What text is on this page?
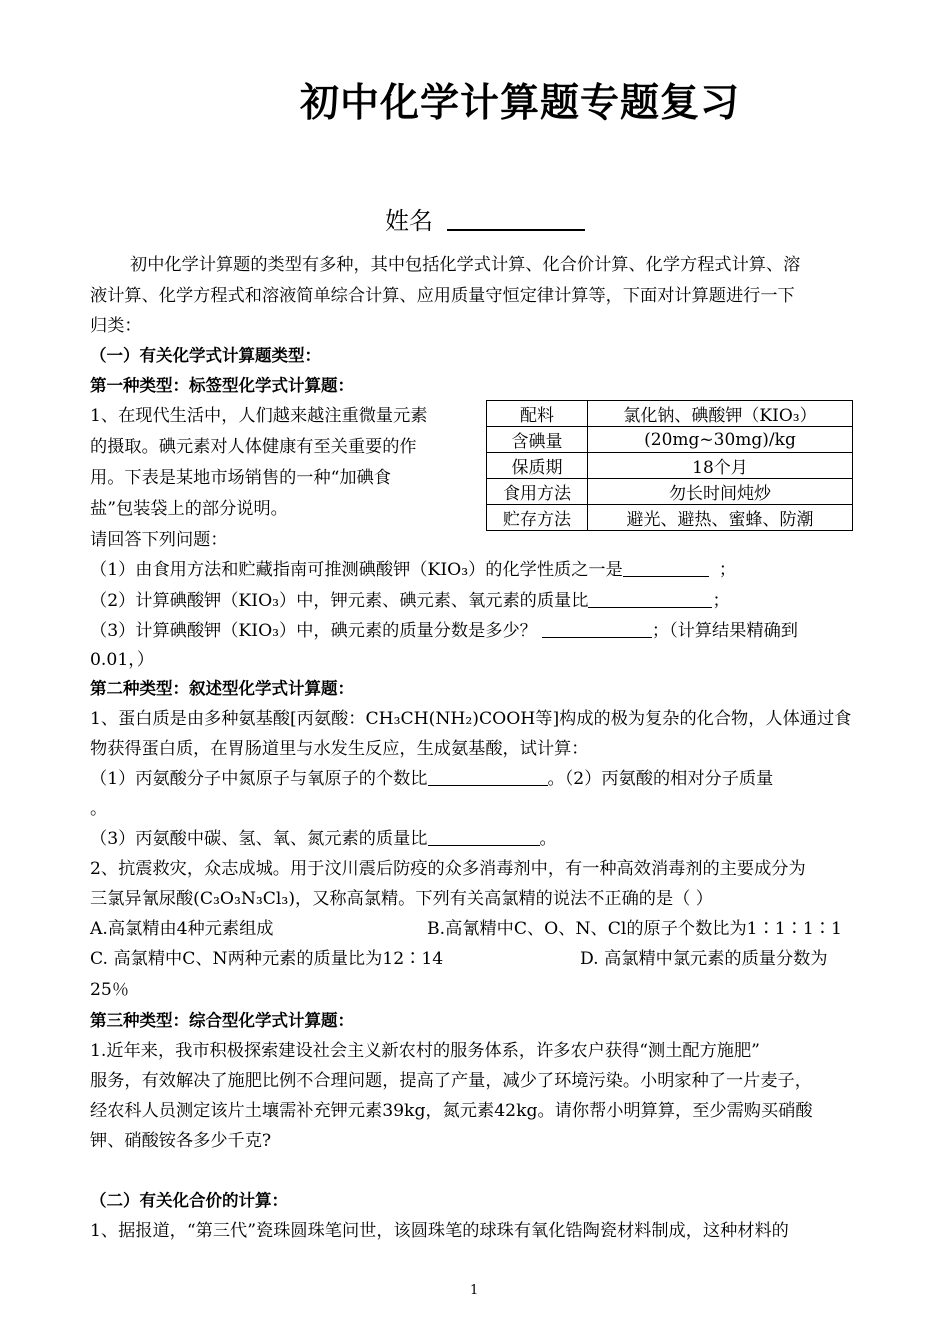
初中化学计算题专题复习
姓名
初中化学计算题的类型有多种，其中包括化学式计算、化合价计算、化学方程式计算、溶
液计算、化学方程式和溶液简单综合计算、应用质量守恒定律计算等，下面对计算题进行一下
归类：
（一）有关化学式计算题类型：
第一种类型：标签型化学式计算题：
1、在现代生活中，人们越来越注重微量元素
的摄取。碘元素对人体健康有至关重要的作
用。下表是某地市场销售的一种“加碘食
盐”包装袋上的部分说明。
配料	氯化钠、碘酸钾（KIO₃）
含碘量	(20mg~30mg)/kg
保质期	18个月
食用方法	勿长时间炖炒
贮存方法	避光、避热、蜜蜂、防潮
请回答下列问题：
（1）由食用方法和贮藏指南可推测碘酸钾（KIO₃）的化学性质之一是	；
（2）计算碘酸钾（KIO₃）中，钾元素、碘元素、氧元素的质量比	；
（3）计算碘酸钾（KIO₃）中，碘元素的质量分数是多少？	；（计算结果精确到
0.01，）
第二种类型：叙述型化学式计算题：
1、蛋白质是由多种氨基酸[丙氨酸：CH₃CH(NH₂)COOH等]构成的极为复杂的化合物，人体通过食
物获得蛋白质，在胃肠道里与水发生反应，生成氨基酸，试计算：
（1）丙氨酸分子中氮原子与氧原子的个数比	。（2）丙氨酸的相对分子质量
。
（3）丙氨酸中碳、氢、氧、氮元素的质量比	。
2、抗震救灾，众志成城。用于汶川震后防疫的众多消毒剂中，有一种高效消毒剂的主要成分为
三氯异氰尿酸(C₃O₃N₃Cl₃)，又称高氯精。下列有关高氯精的说法不正确的是（ ）
A.高氯精由4种元素组成	B.高氰精中C、O、N、Cl的原子个数比为1∶1∶1∶1
C. 高氯精中C、N两种元素的质量比为12∶14	D. 高氯精中氯元素的质量分数为
25％
第三种类型：综合型化学式计算题：
1.近年来，我市积极探索建设社会主义新农村的服务体系，许多农户获得“测土配方施肥”
服务，有效解决了施肥比例不合理问题，提高了产量，减少了环境污染。小明家种了一片麦子，
经农科人员测定该片土壤需补充钾元素39kg，氮元素42kg。请你帮小明算算，至少需购买硝酸
钾、硝酸铵各多少千克?
（二）有关化合价的计算：
1、据报道，“第三代”瓷珠圆珠笔问世，该圆珠笔的球珠有氧化锆陶瓷材料制成，这种材料的
1
